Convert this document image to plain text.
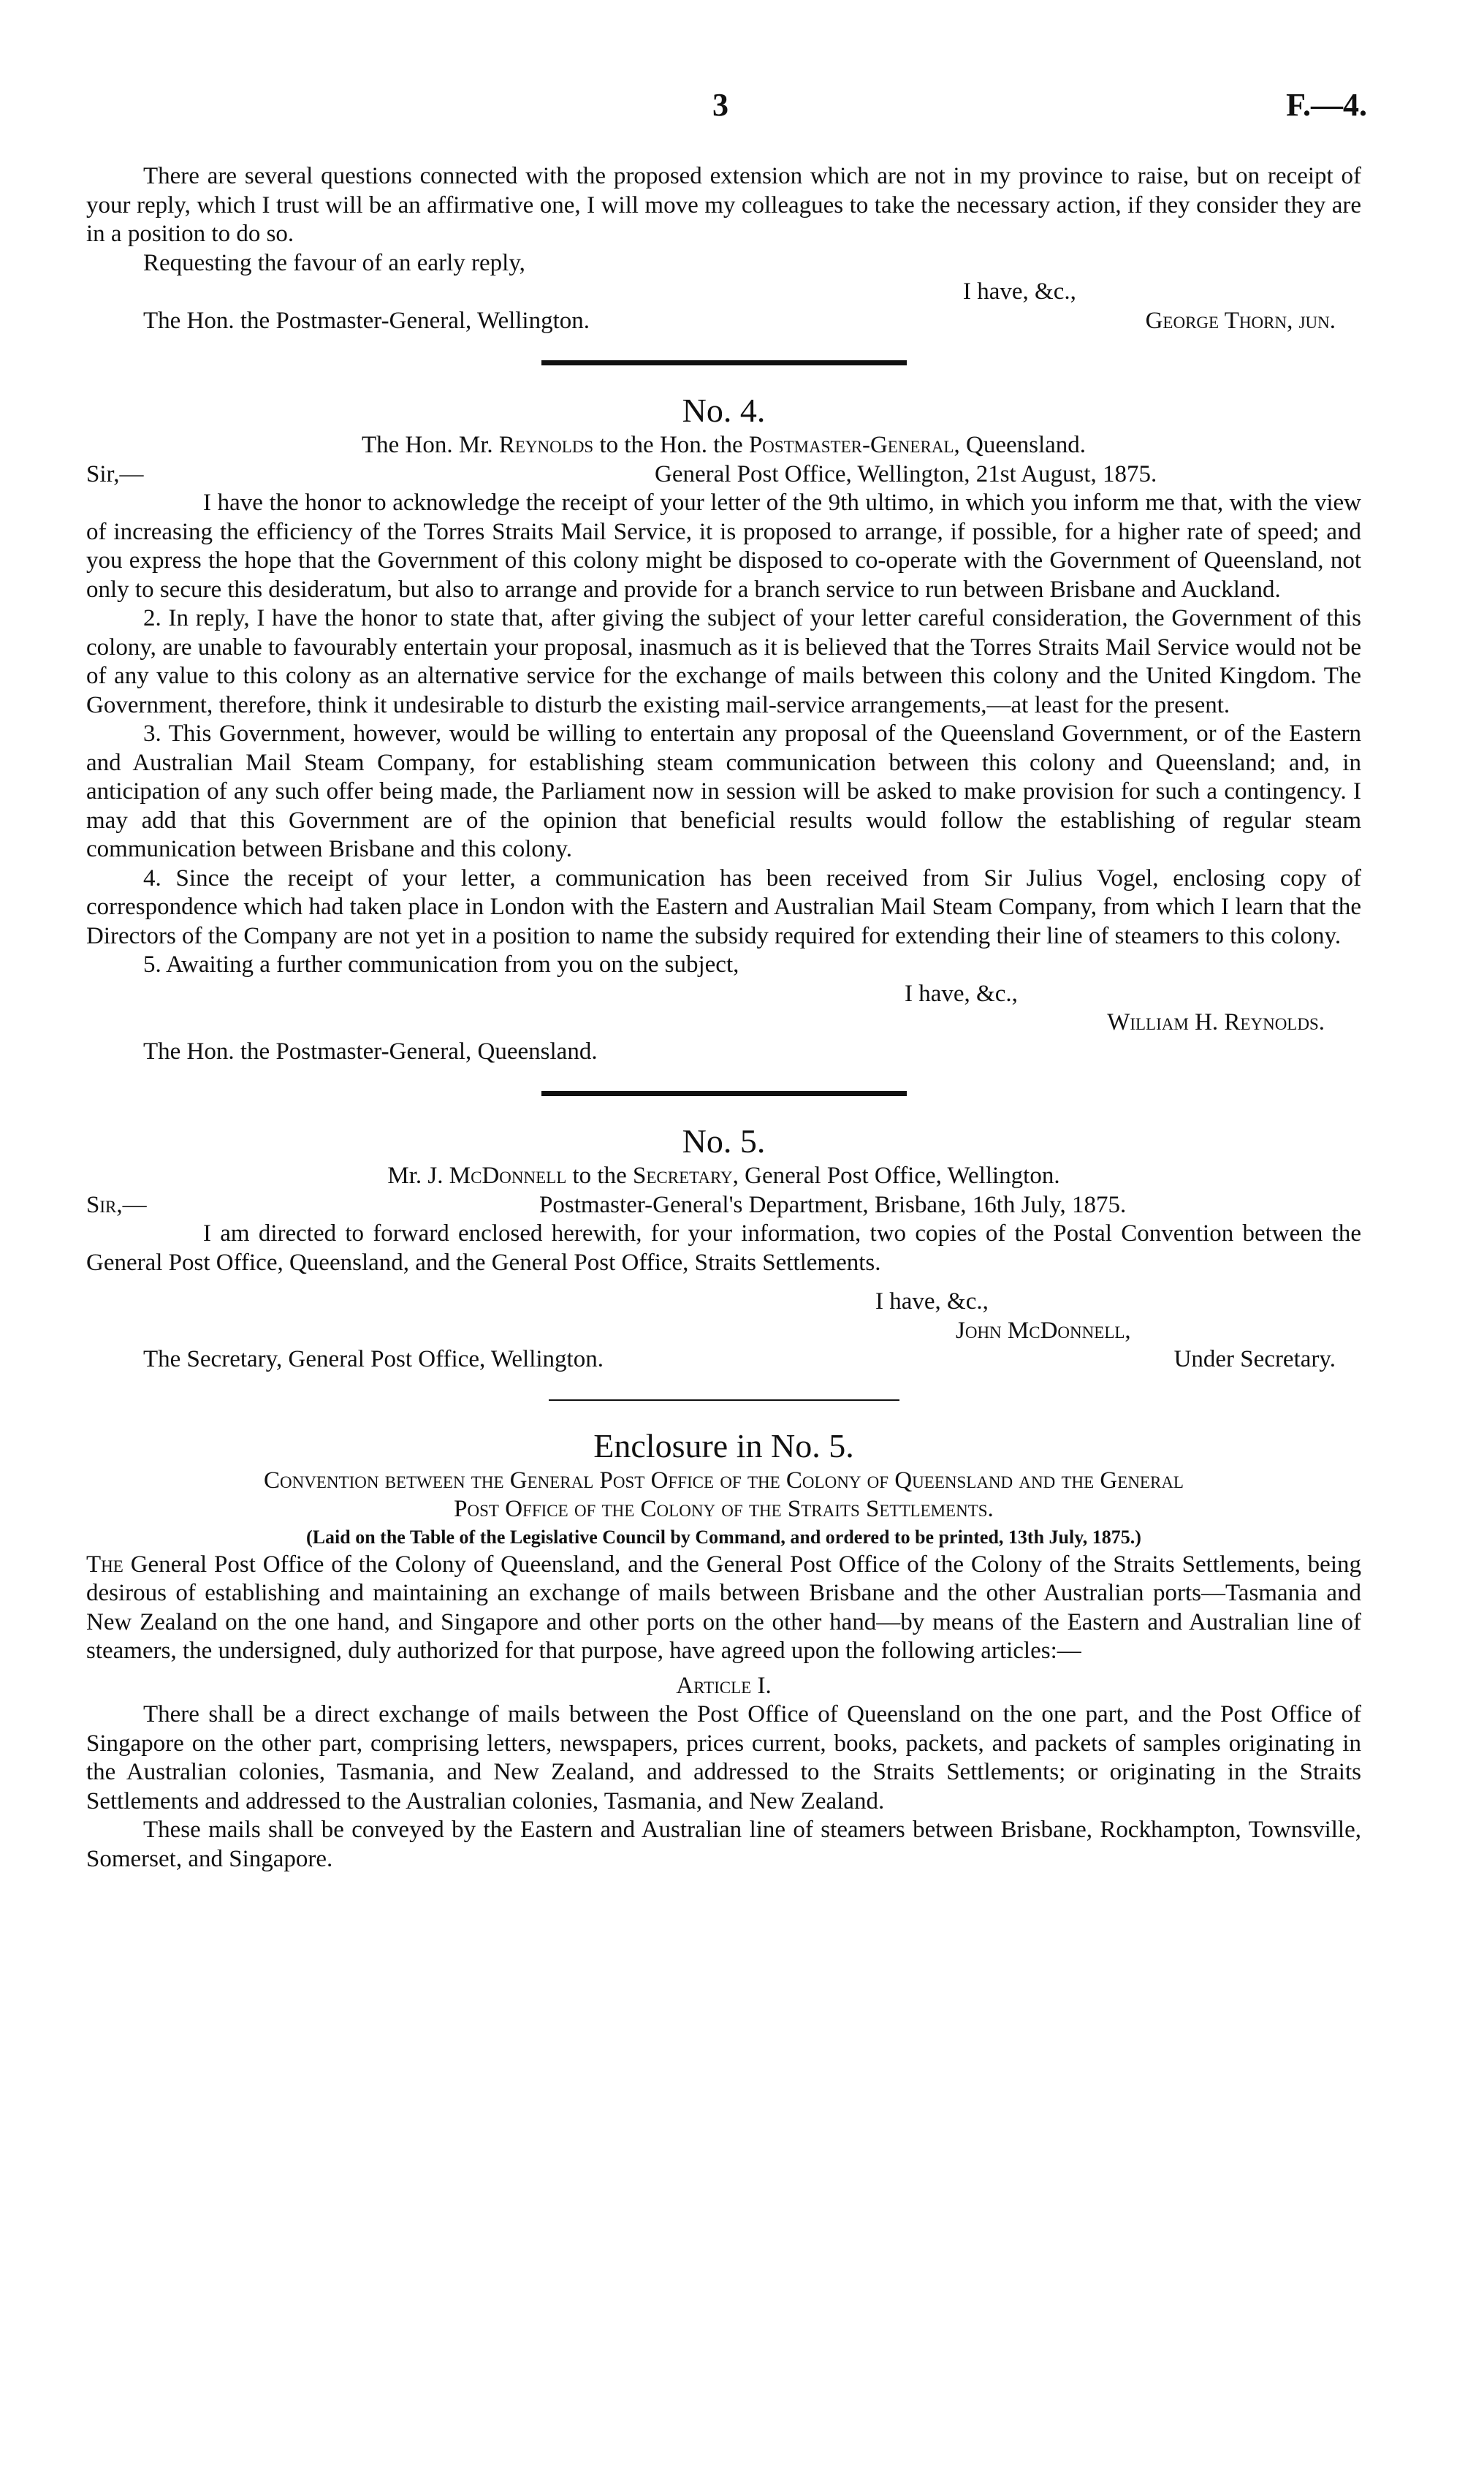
3	F.—4.

There are several questions connected with the proposed extension which are not in my province to raise, but on receipt of your reply, which I trust will be an affirmative one, I will move my colleagues to take the necessary action, if they consider they are in a position to do so.

Requesting the favour of an early reply,

I have, &c.,
The Hon. the Postmaster-General, Wellington.	George Thorn, jun.

No. 4.

The Hon. Mr. Reynolds to the Hon. the Postmaster-General, Queensland.

Sir,—	General Post Office, Wellington, 21st August, 1875.

I have the honor to acknowledge the receipt of your letter of the 9th ultimo, in which you inform me that, with the view of increasing the efficiency of the Torres Straits Mail Service, it is proposed to arrange, if possible, for a higher rate of speed; and you express the hope that the Government of this colony might be disposed to co-operate with the Government of Queensland, not only to secure this desideratum, but also to arrange and provide for a branch service to run between Brisbane and Auckland.

2. In reply, I have the honor to state that, after giving the subject of your letter careful consideration, the Government of this colony, are unable to favourably entertain your proposal, inasmuch as it is believed that the Torres Straits Mail Service would not be of any value to this colony as an alternative service for the exchange of mails between this colony and the United Kingdom. The Government, therefore, think it undesirable to disturb the existing mail-service arrangements,—at least for the present.

3. This Government, however, would be willing to entertain any proposal of the Queensland Government, or of the Eastern and Australian Mail Steam Company, for establishing steam communication between this colony and Queensland; and, in anticipation of any such offer being made, the Parliament now in session will be asked to make provision for such a contingency. I may add that this Government are of the opinion that beneficial results would follow the establishing of regular steam communication between Brisbane and this colony.

4. Since the receipt of your letter, a communication has been received from Sir Julius Vogel, enclosing copy of correspondence which had taken place in London with the Eastern and Australian Mail Steam Company, from which I learn that the Directors of the Company are not yet in a position to name the subsidy required for extending their line of steamers to this colony.

5. Awaiting a further communication from you on the subject,

I have, &c.,
William H. Reynolds.
The Hon. the Postmaster-General, Queensland.

No. 5.

Mr. J. McDonnell to the Secretary, General Post Office, Wellington.

Sir,—	Postmaster-General's Department, Brisbane, 16th July, 1875.

I am directed to forward enclosed herewith, for your information, two copies of the Postal Convention between the General Post Office, Queensland, and the General Post Office, Straits Settlements.

I have, &c.,
John McDonnell,
The Secretary, General Post Office, Wellington.	Under Secretary.

Enclosure in No. 5.

Convention between the General Post Office of the Colony of Queensland and the General

Post Office of the Colony of the Straits Settlements.

(Laid on the Table of the Legislative Council by Command, and ordered to be printed, 13th July, 1875.)

The General Post Office of the Colony of Queensland, and the General Post Office of the Colony of the Straits Settlements, being desirous of establishing and maintaining an exchange of mails between Brisbane and the other Australian ports—Tasmania and New Zealand on the one hand, and Singapore and other ports on the other hand—by means of the Eastern and Australian line of steamers, the undersigned, duly authorized for that purpose, have agreed upon the following articles:—

Article I.

There shall be a direct exchange of mails between the Post Office of Queensland on the one part, and the Post Office of Singapore on the other part, comprising letters, newspapers, prices current, books, packets, and packets of samples originating in the Australian colonies, Tasmania, and New Zealand, and addressed to the Straits Settlements; or originating in the Straits Settlements and addressed to the Australian colonies, Tasmania, and New Zealand.

These mails shall be conveyed by the Eastern and Australian line of steamers between Brisbane, Rockhampton, Townsville, Somerset, and Singapore.
